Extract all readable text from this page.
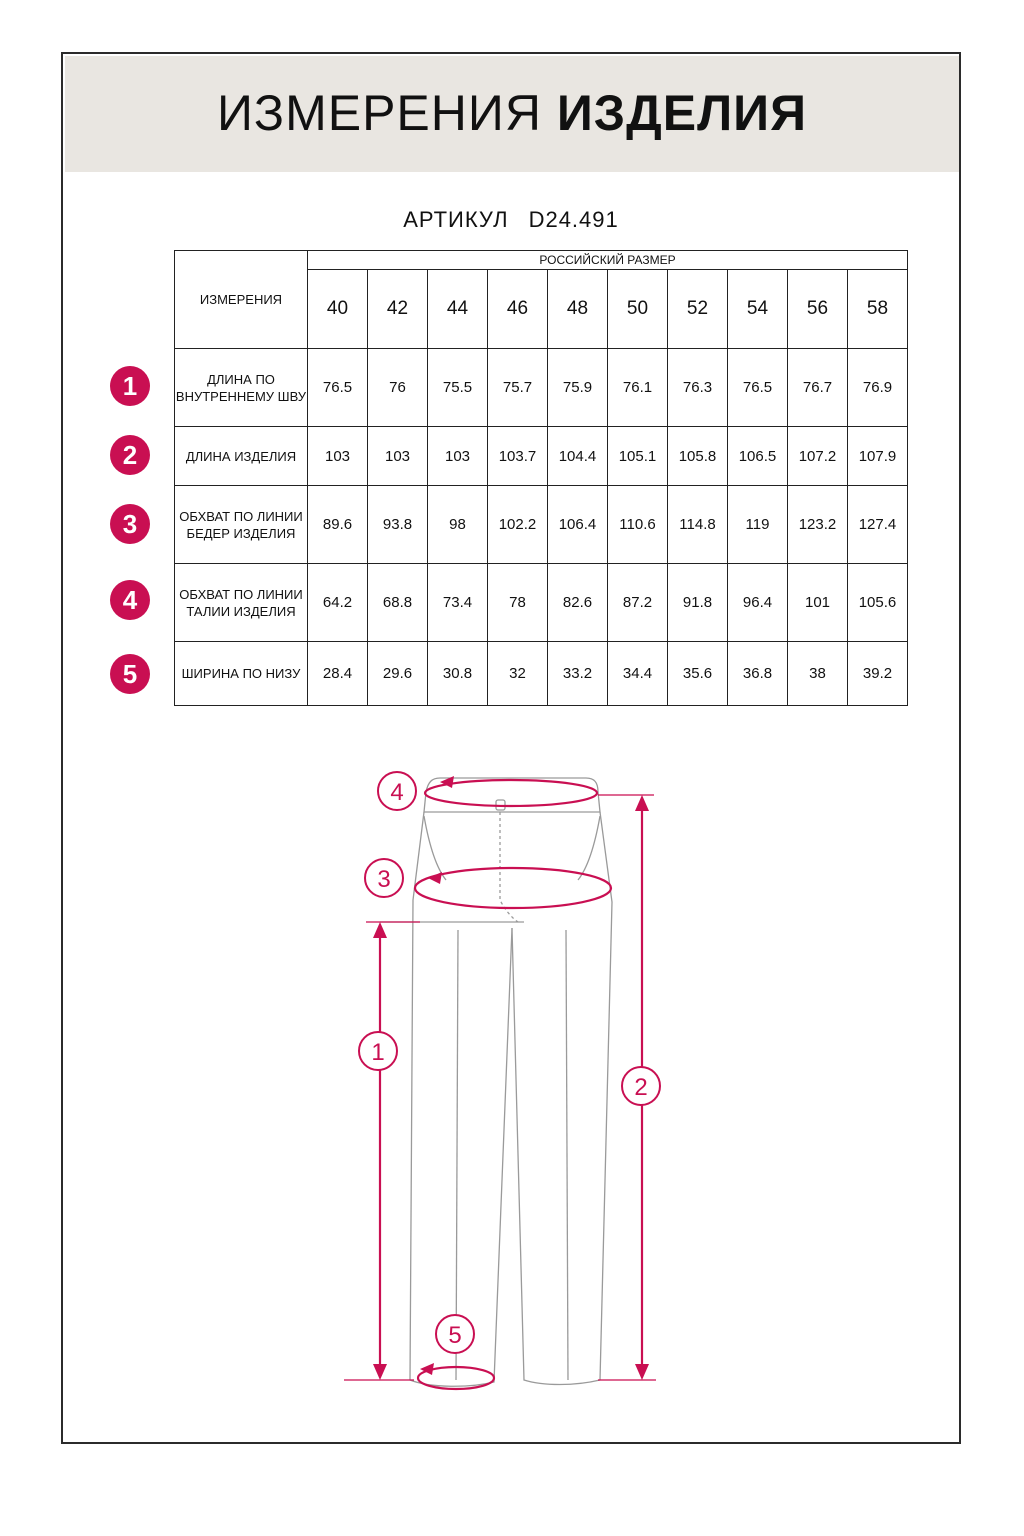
ИЗМЕРЕНИЯ ИЗДЕЛИЯ
АРТИКУЛ D24.491
ИЗМЕРЕНИЯ	РОССИЙСКИЙ РАЗМЕР									
	40	42	44	46	48	50	52	54	56	58
ДЛИНА ПО ВНУТРЕННЕМУ ШВУ	76.5	76	75.5	75.7	75.9	76.1	76.3	76.5	76.7	76.9
ДЛИНА ИЗДЕЛИЯ	103	103	103	103.7	104.4	105.1	105.8	106.5	107.2	107.9
ОБХВАТ ПО ЛИНИИ БЕДЕР ИЗДЕЛИЯ	89.6	93.8	98	102.2	106.4	110.6	114.8	119	123.2	127.4
ОБХВАТ ПО ЛИНИИ ТАЛИИ ИЗДЕЛИЯ	64.2	68.8	73.4	78	82.6	87.2	91.8	96.4	101	105.6
ШИРИНА ПО НИЗУ	28.4	29.6	30.8	32	33.2	34.4	35.6	36.8	38	39.2
1
2
3
4
5
4
3
1
2
5
